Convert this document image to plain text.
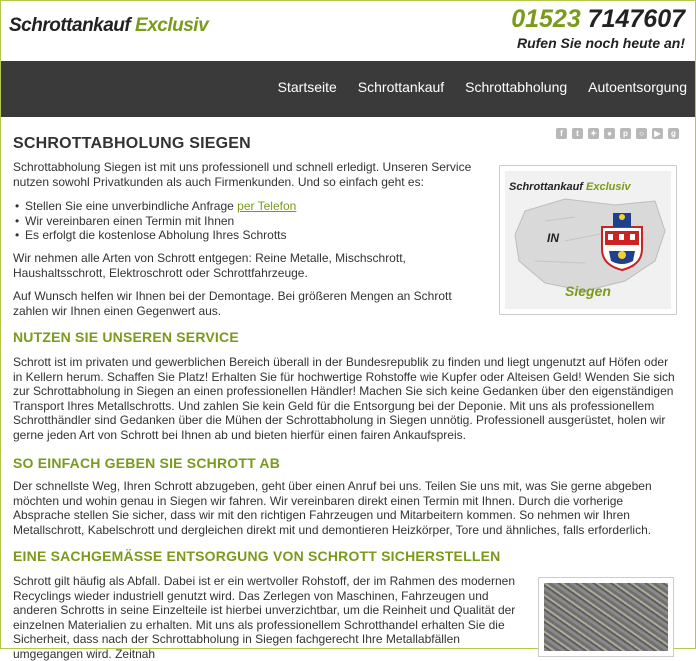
Schrottankauf Exclusiv	01523 7147607
Rufen Sie noch heute an!
Startseite Schrottankauf Schrottabholung Autoentsorgung
f	t	✦	●	p	○	▶	g
SCHROTTABHOLUNG SIEGEN

Schrottabholung Siegen ist mit uns professionell und schnell erledigt. Unseren Service nutzen sowohl Privatkunden als auch Firmenkunden. Und so einfach geht es:

• Stellen Sie eine unverbindliche Anfrage per Telefon
• Wir vereinbaren einen Termin mit Ihnen
• Es erfolgt die kostenlose Abholung Ihres Schrotts

Wir nehmen alle Arten von Schrott entgegen: Reine Metalle, Mischschrott, Haushaltsschrott, Elektroschrott oder Schrottfahrzeuge.

Auf Wunsch helfen wir Ihnen bei der Demontage. Bei größeren Mengen an Schrott zahlen wir Ihnen einen Gegenwert aus.

Schrottankauf Exclusiv
IN
Siegen
NUTZEN SIE UNSEREN SERVICE

Schrott ist im privaten und gewerblichen Bereich überall in der Bundesrepublik zu finden und liegt ungenutzt auf Höfen oder in Kellern herum. Schaffen Sie Platz! Erhalten Sie für hochwertige Rohstoffe wie Kupfer oder Alteisen Geld! Wenden Sie sich zur Schrottabholung in Siegen an einen professionellen Händler! Machen Sie sich keine Gedanken über den eigenständigen Transport Ihres Metallschrotts. Und zahlen Sie kein Geld für die Entsorgung bei der Deponie. Mit uns als professionellem Schrotthändler sind Gedanken über die Mühen der Schrottabholung in Siegen unnötig. Professionell ausgerüstet, holen wir gerne jeden Art von Schrott bei Ihnen ab und bieten hierfür einen fairen Ankaufspreis.

SO EINFACH GEBEN SIE SCHROTT AB

Der schnellste Weg, Ihren Schrott abzugeben, geht über einen Anruf bei uns. Teilen Sie uns mit, was Sie gerne abgeben möchten und wohin genau in Siegen wir fahren. Wir vereinbaren direkt einen Termin mit Ihnen. Durch die vorherige Absprache stellen Sie sicher, dass wir mit den richtigen Fahrzeugen und Mitarbeitern kommen. So nehmen wir Ihren Metallschrott, Kabelschrott und dergleichen direkt mit und demontieren Heizkörper, Tore und ähnliches, falls erforderlich.

EINE SACHGEMÄSSE ENTSORGUNG VON SCHROTT SICHERSTELLEN

Schrott gilt häufig als Abfall. Dabei ist er ein wertvoller Rohstoff, der im Rahmen des modernen Recyclings wieder industriell genutzt wird. Das Zerlegen von Maschinen, Fahrzeugen und anderen Schrotts in seine Einzelteile ist hierbei unverzichtbar, um die Reinheit und Qualität der einzelnen Materialien zu erhalten. Mit uns als professionellem Schrotthandel erhalten Sie die Sicherheit, dass nach der Schrottabholung in Siegen fachgerecht Ihre Metallabfällen umgegangen wird. Zeitnah
